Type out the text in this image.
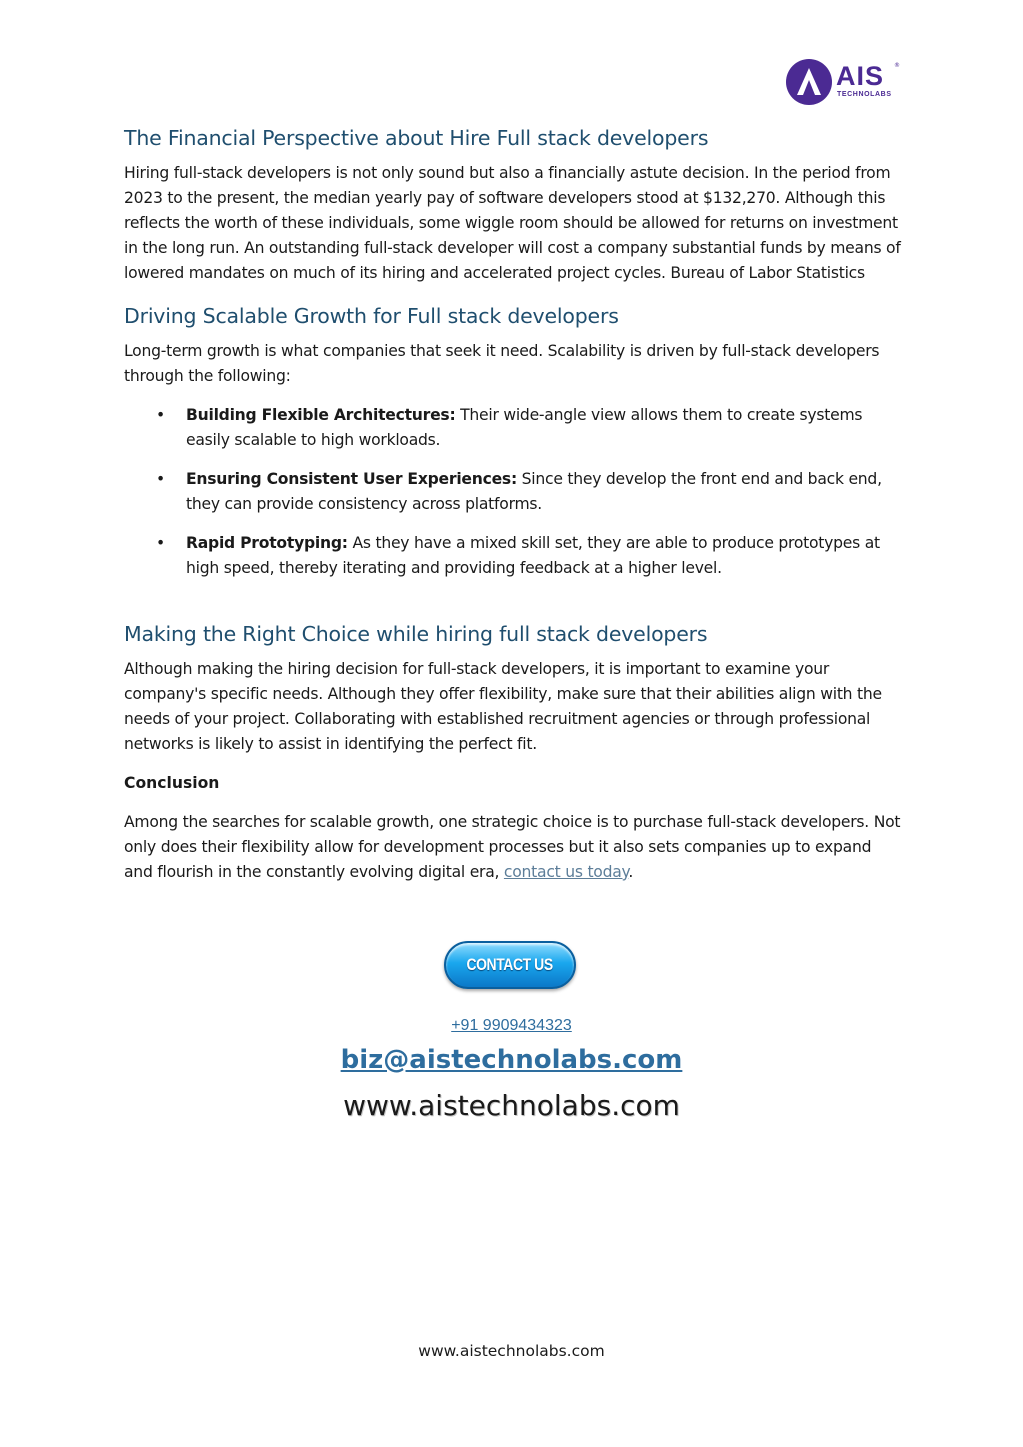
AIS ®
TECHNOLABS
The Financial Perspective about Hire Full stack developers

Hiring full-stack developers is not only sound but also a financially astute decision. In the period from 2023 to the present, the median yearly pay of software developers stood at $132,270. Although this reflects the worth of these individuals, some wiggle room should be allowed for returns on investment in the long run. An outstanding full-stack developer will cost a company substantial funds by means of lowered mandates on much of its hiring and accelerated project cycles. Bureau of Labor Statistics

Driving Scalable Growth for Full stack developers

Long-term growth is what companies that seek it need. Scalability is driven by full-stack developers through the following:

• Building Flexible Architectures: Their wide-angle view allows them to create systems easily scalable to high workloads.
• Ensuring Consistent User Experiences: Since they develop the front end and back end, they can provide consistency across platforms.
• Rapid Prototyping: As they have a mixed skill set, they are able to produce prototypes at high speed, thereby iterating and providing feedback at a higher level.
Making the Right Choice while hiring full stack developers

Although making the hiring decision for full-stack developers, it is important to examine your company's specific needs. Although they offer flexibility, make sure that their abilities align with the needs of your project. Collaborating with established recruitment agencies or through professional networks is likely to assist in identifying the perfect fit.

Conclusion

Among the searches for scalable growth, one strategic choice is to purchase full-stack developers. Not only does their flexibility allow for development processes but it also sets companies up to expand and flourish in the constantly evolving digital era, contact us today.

CONTACT US
+91 9909434323
biz@aistechnolabs.com
www.aistechnolabs.com
www.aistechnolabs.com
